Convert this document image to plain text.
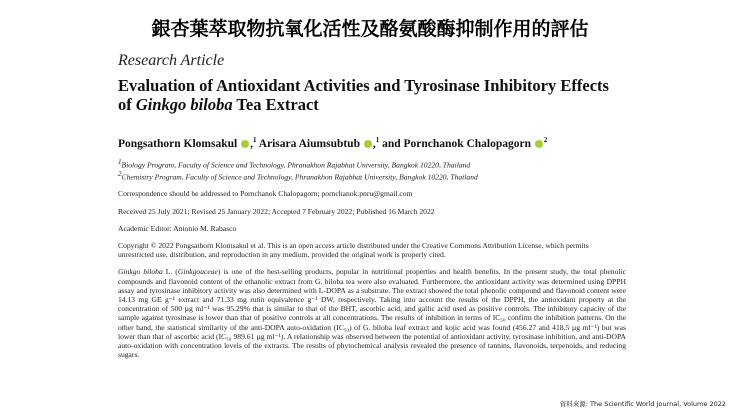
銀杏葉萃取物抗氧化活性及酪氨酸酶抑制作用的評估
Research Article
Evaluation of Antioxidant Activities and Tyrosinase Inhibitory Effects of Ginkgo biloba Tea Extract
Pongsathorn Klomsakul ,$^1$ Arisara Aiumsubtub ,$^1$ and Pornchanok Chalopagorn $^2$
$^1$Biology Program, Faculty of Science and Technology, Phranakhon Rajabhat University, Bangkok 10220, Thailand
$^2$Chemistry Program, Faculty of Science and Technology, Phranakhon Rajabhat University, Bangkok 10220, Thailand
Correspondence should be addressed to Pornchanok Chalopagorn; pornchanok.pnru@gmail.com
Received 25 July 2021; Revised 25 January 2022; Accepted 7 February 2022; Published 16 March 2022
Academic Editor: Antonio M. Rabasco
Copyright © 2022 Pongsathorn Klomsakul et al. This is an open access article distributed under the Creative Commons Attribution License, which permits unrestricted use, distribution, and reproduction in any medium, provided the original work is properly cited.
Ginkgo biloba L. (Ginkgoaceae) is one of the best-selling products, popular in nutritional properties and health benefits. In the present study, the total phenolic compounds and flavonoid content of the ethanolic extract from G. biloba tea were also evaluated. Furthermore, the antioxidant activity was determined using DPPH assay and tyrosinase inhibitory activity was also determined with L-DOPA as a substrate. The extract showed the total phenolic compound and flavonoid content were 14.13 mg GE g⁻¹ extract and 71.33 mg rutin equivalence g⁻¹ DW, respectively. Taking into account the results of the DPPH, the antioxidant property at the concentration of 500 µg ml⁻¹ was 95.29% that is similar to that of the BHT, ascorbic acid, and gallic acid used as positive controls. The inhibitory capacity of the sample against tyrosinase is lower than that of positive controls at all concentrations. The results of inhibition in terms of IC₅₀ confirm the inhibition patterns. On the other hand, the statistical similarity of the anti-DOPA auto-oxidation (IC₅₀) of G. biloba leaf extract and kojic acid was found (456.27 and 418.5 µg ml⁻¹) but was lower than that of ascorbic acid (IC₅₀ 989.61 µg ml⁻¹). A relationship was observed between the potential of antioxidant activity, tyrosinase inhibition, and anti-DOPA auto-oxidation with concentration levels of the extracts. The results of phytochemical analysis revealed the presence of tannins, flavonoids, terpenoids, and reducing sugars.
資料來源: The Scientific World Journal, Volume 2022
